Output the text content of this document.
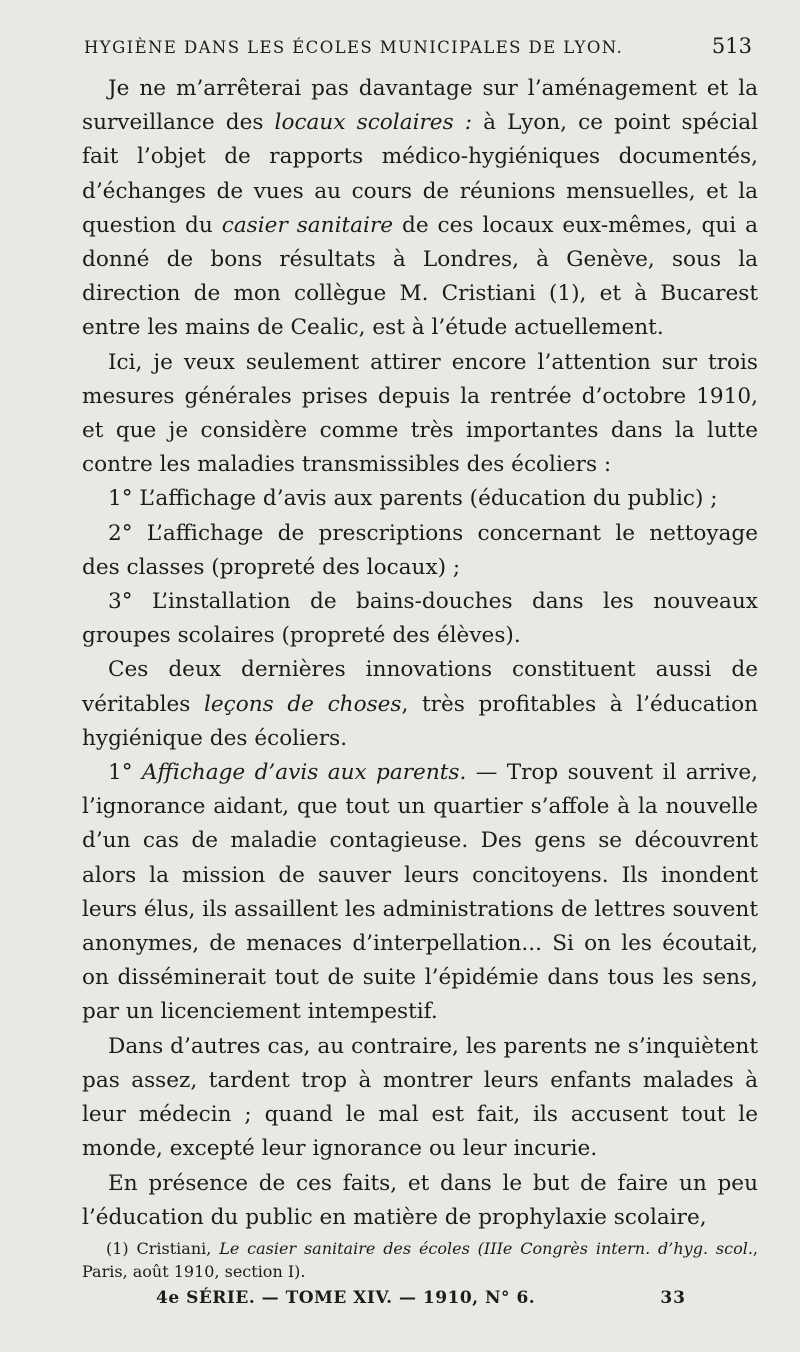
HYGIÈNE DANS LES ÉCOLES MUNICIPALES DE LYON.	513

Je ne m’arrêterai pas davantage sur l’aménagement et la surveillance des locaux scolaires : à Lyon, ce point spécial fait l’objet de rapports médico-hygiéniques documentés, d’échanges de vues au cours de réunions mensuelles, et la question du casier sanitaire de ces locaux eux-mêmes, qui a donné de bons résultats à Londres, à Genève, sous la direction de mon collègue M. Cristiani (1), et à Bucarest entre les mains de Cealic, est à l’étude actuellement.

Ici, je veux seulement attirer encore l’attention sur trois mesures générales prises depuis la rentrée d’octobre 1910, et que je considère comme très importantes dans la lutte contre les maladies transmissibles des écoliers :

1° L’affichage d’avis aux parents (éducation du public) ;

2° L’affichage de prescriptions concernant le nettoyage des classes (propreté des locaux) ;

3° L’installation de bains-douches dans les nouveaux groupes scolaires (propreté des élèves).

Ces deux dernières innovations constituent aussi de véritables leçons de choses, très profitables à l’éducation hygiénique des écoliers.

1° Affichage d’avis aux parents. — Trop souvent il arrive, l’ignorance aidant, que tout un quartier s’affole à la nouvelle d’un cas de maladie contagieuse. Des gens se découvrent alors la mission de sauver leurs concitoyens. Ils inondent leurs élus, ils assaillent les administrations de lettres souvent anonymes, de menaces d’interpellation... Si on les écoutait, on disséminerait tout de suite l’épidémie dans tous les sens, par un licenciement intempestif.

Dans d’autres cas, au contraire, les parents ne s’inquiètent pas assez, tardent trop à montrer leurs enfants malades à leur médecin ; quand le mal est fait, ils accusent tout le monde, excepté leur ignorance ou leur incurie.

En présence de ces faits, et dans le but de faire un peu l’éducation du public en matière de prophylaxie scolaire,

(1) Cristiani, Le casier sanitaire des écoles (IIIe Congrès intern. d’hyg. scol., Paris, août 1910, section I).
4e SÉRIE. — TOME XIV. — 1910, N° 6.	33
